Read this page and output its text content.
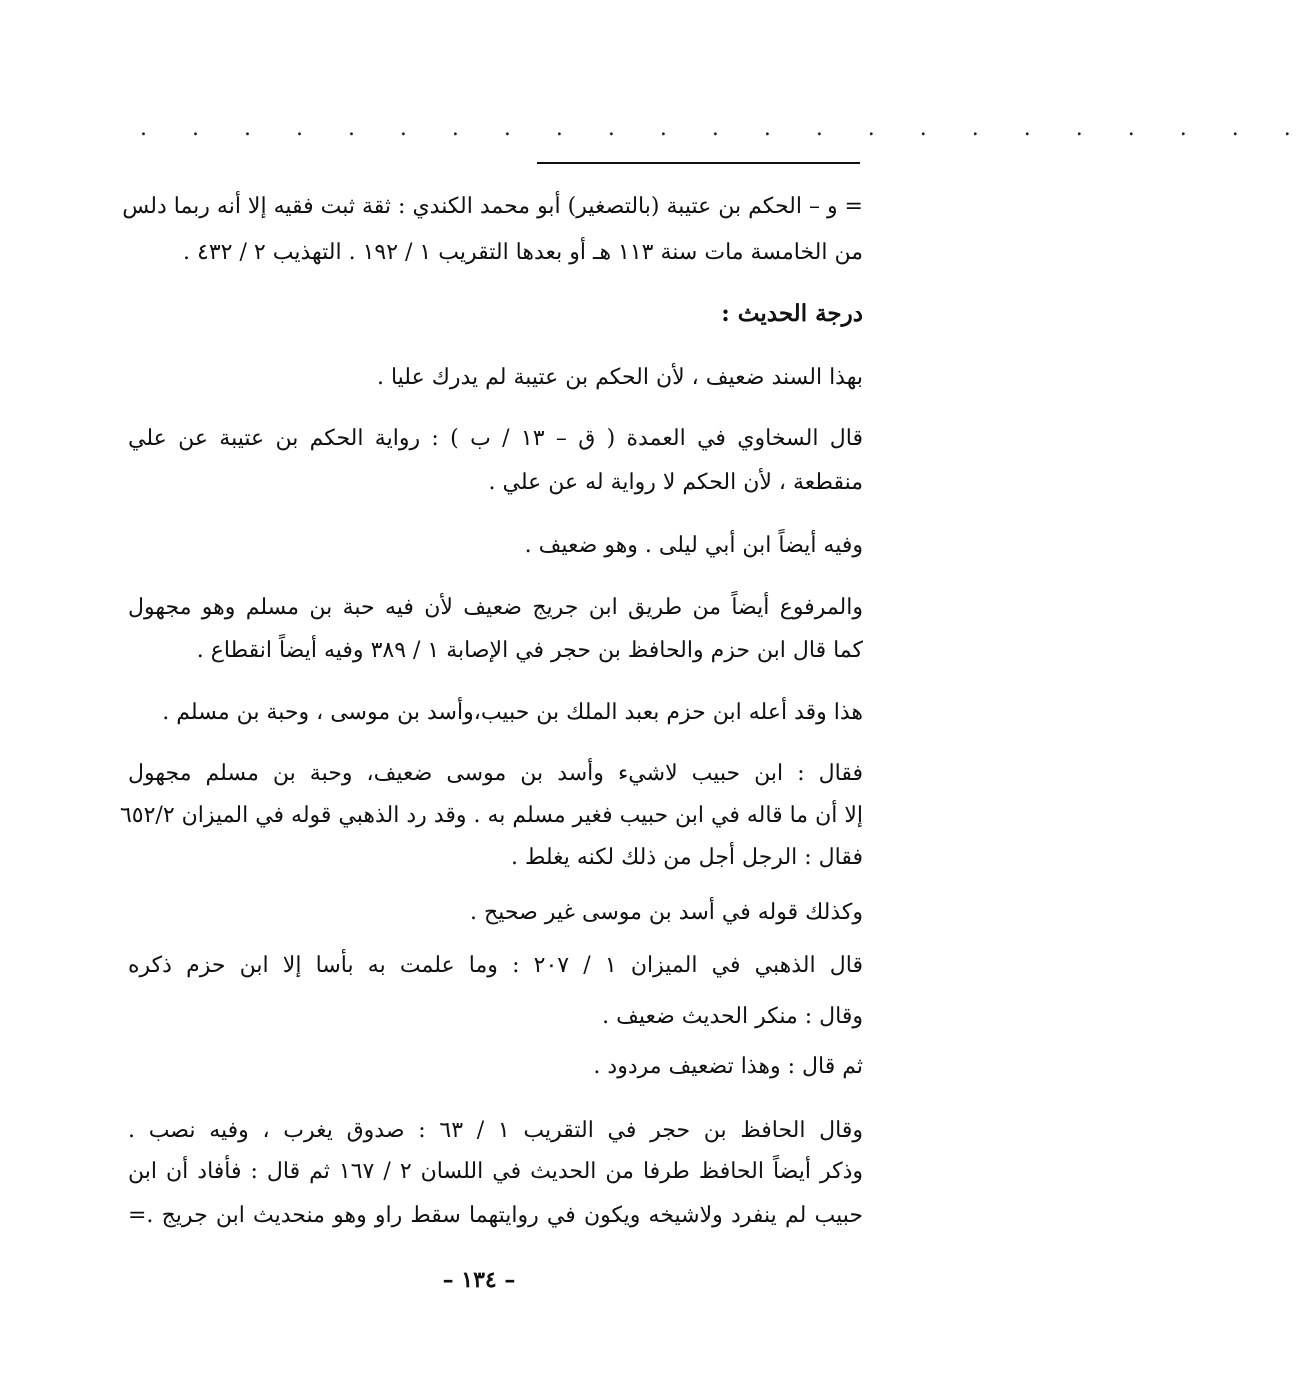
. . . . . . . . . . . . . . . . . . . . . . .
= و – الحكم بن عتيبة (بالتصغير) أبو محمد الكندي : ثقة ثبت فقيه إلا أنه ربما دلس
من الخامسة مات سنة ١١٣ هـ أو بعدها التقريب ١ / ١٩٢ . التهذيب ٢ / ٤٣٢ .
درجة الحديث :
بهذا السند ضعيف ، لأن الحكم بن عتيبة لم يدرك عليا .
قال السخاوي في العمدة ( ق – ١٣ / ب ) : رواية الحكم بن عتيبة عن علي
منقطعة ، لأن الحكم لا رواية له عن علي .
وفيه أيضاً ابن أبي ليلى . وهو ضعيف .
والمرفوع أيضاً من طريق ابن جريج ضعيف لأن فيه حبة بن مسلم وهو مجهول
كما قال ابن حزم والحافظ بن حجر في الإصابة ١ / ٣٨٩ وفيه أيضاً انقطاع .
هذا وقد أعله ابن حزم بعبد الملك بن حبيب،وأسد بن موسى ، وحبة بن مسلم .
فقال : ابن حبيب لاشيء وأسد بن موسى ضعيف، وحبة بن مسلم مجهول
إلا أن ما قاله في ابن حبيب فغير مسلم به . وقد رد الذهبي قوله في الميزان ٦٥٢/٢
فقال : الرجل أجل من ذلك لكنه يغلط .
وكذلك قوله في أسد بن موسى غير صحيح .
قال الذهبي في الميزان ١ / ٢٠٧ : وما علمت به بأسا إلا ابن حزم ذكره
وقال : منكر الحديث ضعيف .
ثم قال : وهذا تضعيف مردود .
وقال الحافظ بن حجر في التقريب ١ / ٦٣ : صدوق يغرب ، وفيه نصب .
وذكر أيضاً الحافظ طرفا من الحديث في اللسان ٢ / ١٦٧ ثم قال : فأفاد أن ابن
حبيب لم ينفرد ولاشيخه ويكون في روايتهما سقط راو وهو منحديث ابن جريج .=
– ١٣٤ –
